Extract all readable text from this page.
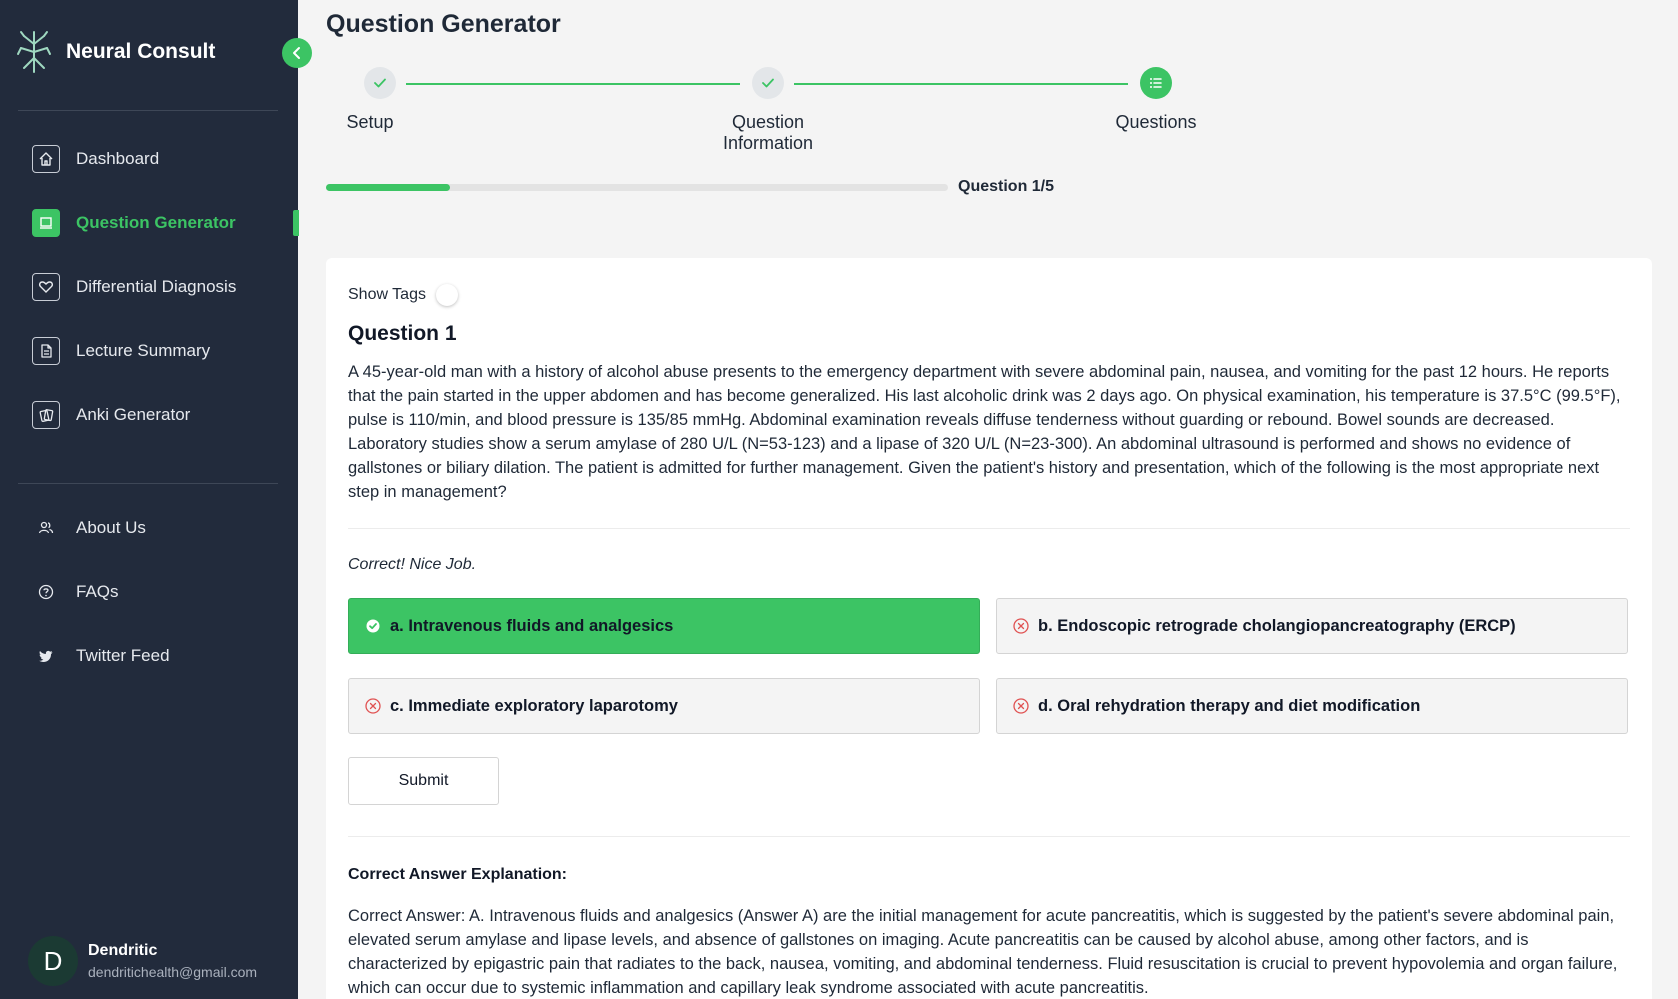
Neural Consult
Dashboard
Question Generator
Differential Diagnosis
Lecture Summary
Anki Generator
About Us
FAQs
Twitter Feed
D	Dendritic
dendritichealth@gmail.com
Question Generator
Setup	Question Information
Questions
Question 1/5
Show Tags
Question 1
A 45-year-old man with a history of alcohol abuse presents to the emergency department with severe abdominal pain, nausea, and vomiting for the past 12 hours. He reports that the pain started in the upper abdomen and has become generalized. His last alcoholic drink was 2 days ago. On physical examination, his temperature is 37.5°C (99.5°F), pulse is 110/min, and blood pressure is 135/85 mmHg. Abdominal examination reveals diffuse tenderness without guarding or rebound. Bowel sounds are decreased. Laboratory studies show a serum amylase of 280 U/L (N=53-123) and a lipase of 320 U/L (N=23-300). An abdominal ultrasound is performed and shows no evidence of gallstones or biliary dilation. The patient is admitted for further management. Given the patient's history and presentation, which of the following is the most appropriate next step in management?
Correct! Nice Job.
a. Intravenous fluids and analgesics	b. Endoscopic retrograde cholangiopancreatography (ERCP)
c. Immediate exploratory laparotomy	d. Oral rehydration therapy and diet modification
Submit
Correct Answer Explanation:
Correct Answer: A. Intravenous fluids and analgesics (Answer A) are the initial management for acute pancreatitis, which is suggested by the patient's severe abdominal pain, elevated serum amylase and lipase levels, and absence of gallstones on imaging. Acute pancreatitis can be caused by alcohol abuse, among other factors, and is characterized by epigastric pain that radiates to the back, nausea, vomiting, and abdominal tenderness. Fluid resuscitation is crucial to prevent hypovolemia and organ failure, which can occur due to systemic inflammation and capillary leak syndrome associated with acute pancreatitis.
